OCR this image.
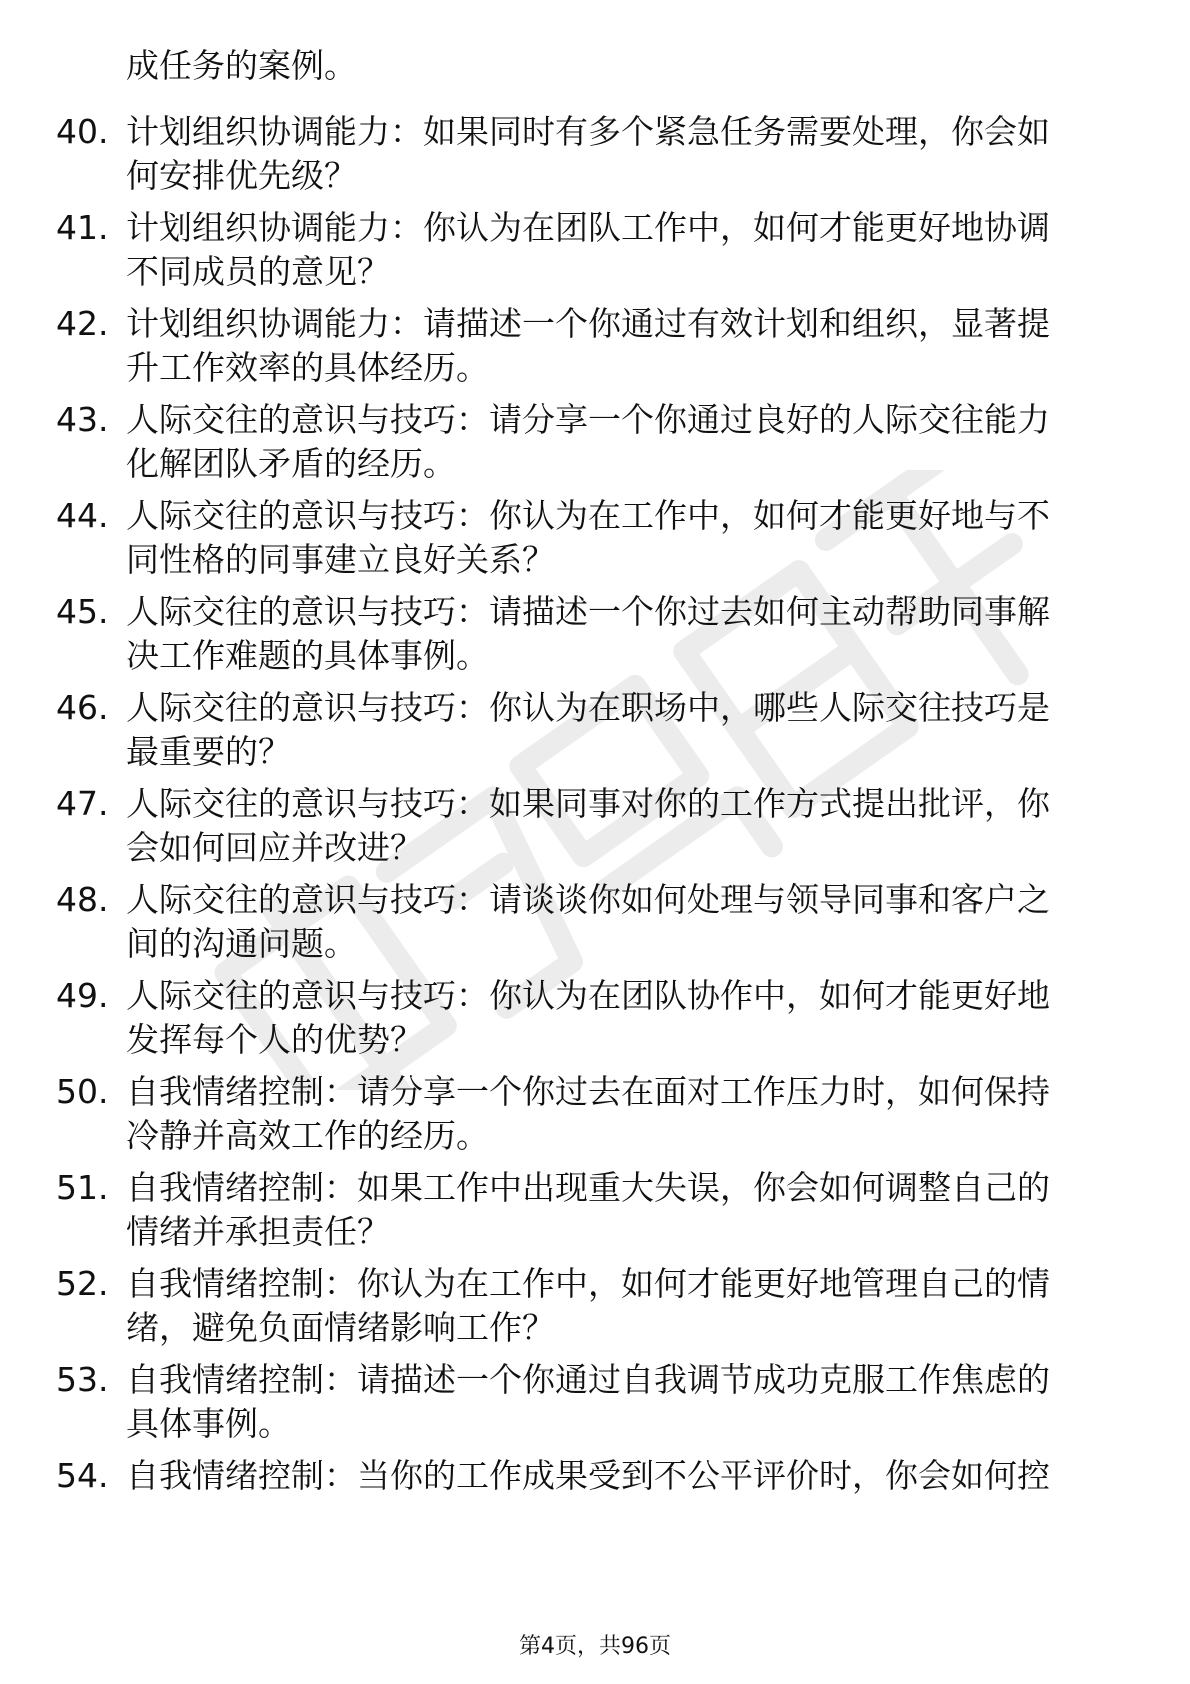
成任务的案例。
40. 计划组织协调能力：如果同时有多个紧急任务需要处理，你会如
何安排优先级？
41. 计划组织协调能力：你认为在团队工作中，如何才能更好地协调
不同成员的意见？
42. 计划组织协调能力：请描述一个你通过有效计划和组织，显著提
升工作效率的具体经历。
43. 人际交往的意识与技巧：请分享一个你通过良好的人际交往能力
化解团队矛盾的经历。
44. 人际交往的意识与技巧：你认为在工作中，如何才能更好地与不
同性格的同事建立良好关系？
45. 人际交往的意识与技巧：请描述一个你过去如何主动帮助同事解
决工作难题的具体事例。
46. 人际交往的意识与技巧：你认为在职场中，哪些人际交往技巧是
最重要的？
47. 人际交往的意识与技巧：如果同事对你的工作方式提出批评，你
会如何回应并改进？
48. 人际交往的意识与技巧：请谈谈你如何处理与领导同事和客户之
间的沟通问题。
49. 人际交往的意识与技巧：你认为在团队协作中，如何才能更好地
发挥每个人的优势？
50. 自我情绪控制：请分享一个你过去在面对工作压力时，如何保持
冷静并高效工作的经历。
51. 自我情绪控制：如果工作中出现重大失误，你会如何调整自己的
情绪并承担责任？
52. 自我情绪控制：你认为在工作中，如何才能更好地管理自己的情
绪，避免负面情绪影响工作？
53. 自我情绪控制：请描述一个你通过自我调节成功克服工作焦虑的
具体事例。
54. 自我情绪控制：当你的工作成果受到不公平评价时，你会如何控
第4页，共96页
